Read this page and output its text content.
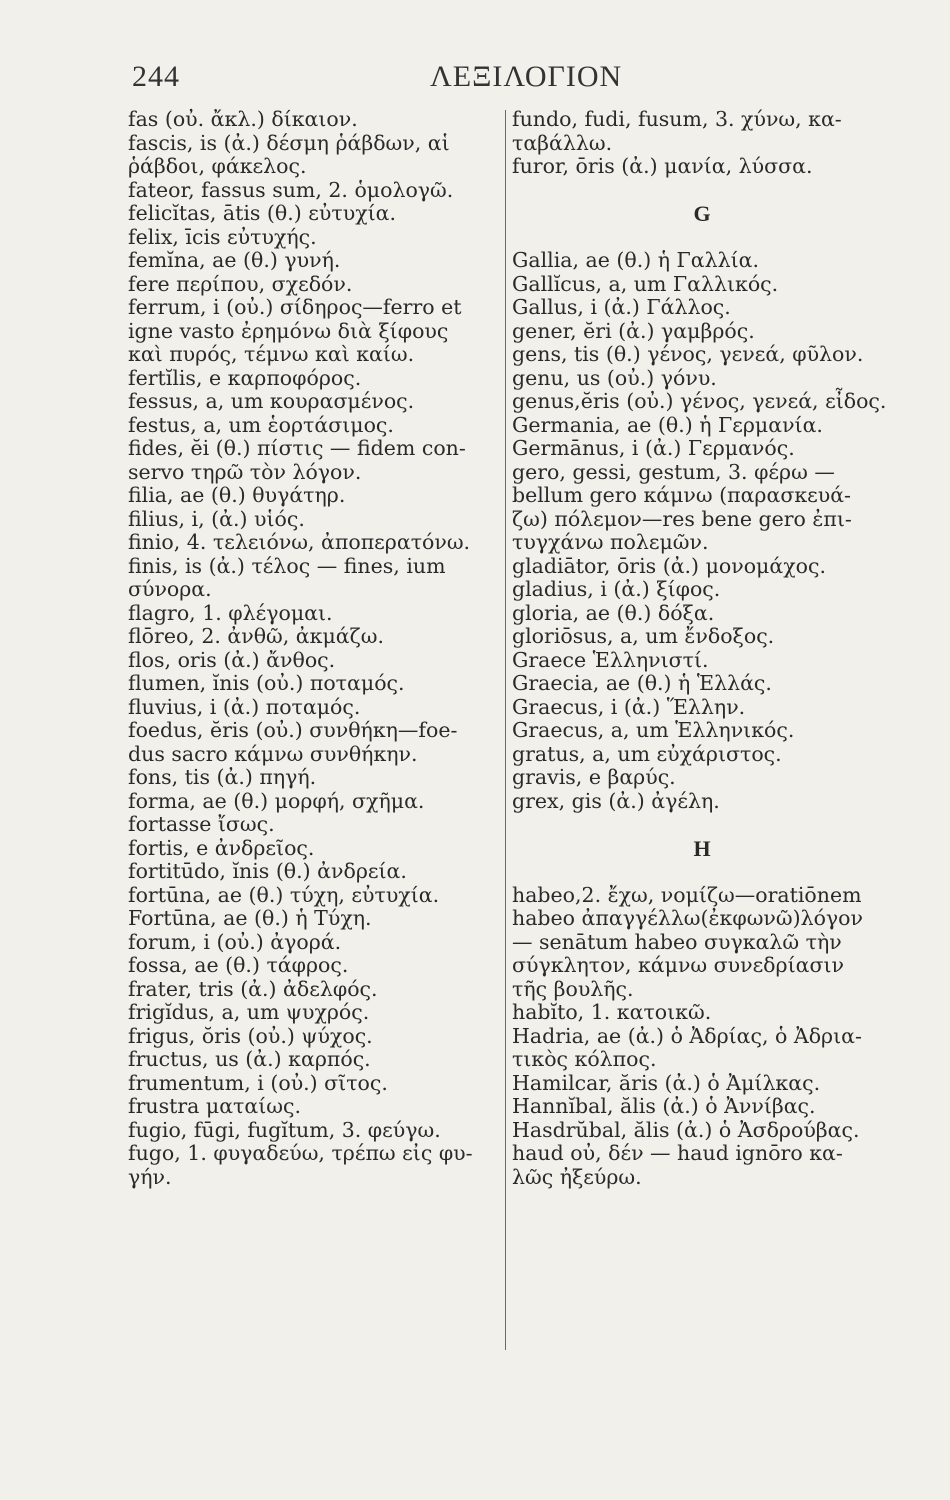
244	ΛΕΞΙΛΟΓΙΟΝ
fas (οὐ. ἄκλ.) δίκαιον.
fascis, is (ἀ.) δέσμη ῥάβδων, αἱ
ῥάβδοι, φάκελος.
fateor, fassus sum, 2. ὁμολογῶ.
felicĭtas, ātis (θ.) εὐτυχία.
felix, īcis εὐτυχής.
femĭna, ae (θ.) γυνή.
fere περίπου, σχεδόν.
ferrum, i (οὐ.) σίδηρος—ferro et
igne vasto ἐρημόνω διὰ ξίφους
καὶ πυρός, τέμνω καὶ καίω.
fertĭlis, e καρποφόρος.
fessus, a, um κουρασμένος.
festus, a, um ἑορτάσιμος.
fides, ĕi (θ.) πίστις — fidem con-
servo τηρῶ τὸν λόγον.
filia, ae (θ.) θυγάτηρ.
filius, i, (ἀ.) υἱός.
finio, 4. τελειόνω, ἀποπερατόνω.
finis, is (ἀ.) τέλος — fines, ium
σύνορα.
flagro, 1. φλέγομαι.
flōreo, 2. ἀνθῶ, ἀκμάζω.
flos, oris (ἀ.) ἄνθος.
flumen, ĭnis (οὐ.) ποταμός.
fluvius, i (ἀ.) ποταμός.
foedus, ĕris (οὐ.) συνθήκη—foe-
dus sacro κάμνω συνθήκην.
fons, tis (ἀ.) πηγή.
forma, ae (θ.) μορφή, σχῆμα.
fortasse ἴσως.
fortis, e ἀνδρεῖος.
fortitūdo, ĭnis (θ.) ἀνδρεία.
fortūna, ae (θ.) τύχη, εὐτυχία.
Fortūna, ae (θ.) ἡ Τύχη.
forum, i (οὐ.) ἀγορά.
fossa, ae (θ.) τάφρος.
frater, tris (ἀ.) ἀδελφός.
frigĭdus, a, um ψυχρός.
frigus, ŏris (οὐ.) ψύχος.
fructus, us (ἀ.) καρπός.
frumentum, i (οὐ.) σῖτος.
frustra ματαίως.
fugio, fūgi, fugĭtum, 3. φεύγω.
fugo, 1. φυγαδεύω, τρέπω εἰς φυ-
γήν.
fundo, fudi, fusum, 3. χύνω, κα-
ταβάλλω.
furor, ōris (ἀ.) μανία, λύσσα.
G
Gallia, ae (θ.) ἡ Γαλλία.
Gallĭcus, a, um Γαλλικός.
Gallus, i (ἀ.) Γάλλος.
gener, ĕri (ἀ.) γαμβρός.
gens, tis (θ.) γένος, γενεά, φῦλον.
genu, us (οὐ.) γόνυ.
genus,ĕris (οὐ.) γένος, γενεά, εἶδος.
Germania, ae (θ.) ἡ Γερμανία.
Germānus, i (ἀ.) Γερμανός.
gero, gessi, gestum, 3. φέρω —
bellum gero κάμνω (παρασκευά-
ζω) πόλεμον—res bene gero ἐπι-
τυγχάνω πολεμῶν.
gladiātor, ōris (ἀ.) μονομάχος.
gladius, i (ἀ.) ξίφος.
gloria, ae (θ.) δόξα.
gloriōsus, a, um ἔνδοξος.
Graece Ἑλληνιστί.
Graecia, ae (θ.) ἡ Ἑλλάς.
Graecus, i (ἀ.) Ἕλλην.
Graecus, a, um Ἑλληνικός.
gratus, a, um εὐχάριστος.
gravis, e βαρύς.
grex, gis (ἀ.) ἀγέλη.
H
habeo,2. ἔχω, νομίζω—oratiōnem
habeo ἀπαγγέλλω(ἐκφωνῶ)λόγον
— senātum habeo συγκαλῶ τὴν
σύγκλητον, κάμνω συνεδρίασιν
τῆς βουλῆς.
habĭto, 1. κατοικῶ.
Hadria, ae (ἀ.) ὁ Ἀδρίας, ὁ Ἀδρια-
τικὸς κόλπος.
Hamilcar, ăris (ἀ.) ὁ Ἀμίλκας.
Hannĭbal, ălis (ἀ.) ὁ Ἀννίβας.
Hasdrŭbal, ălis (ἀ.) ὁ Ἀσδρούβας.
haud οὐ, δέν — haud ignōro κα-
λῶς ἠξεύρω.
